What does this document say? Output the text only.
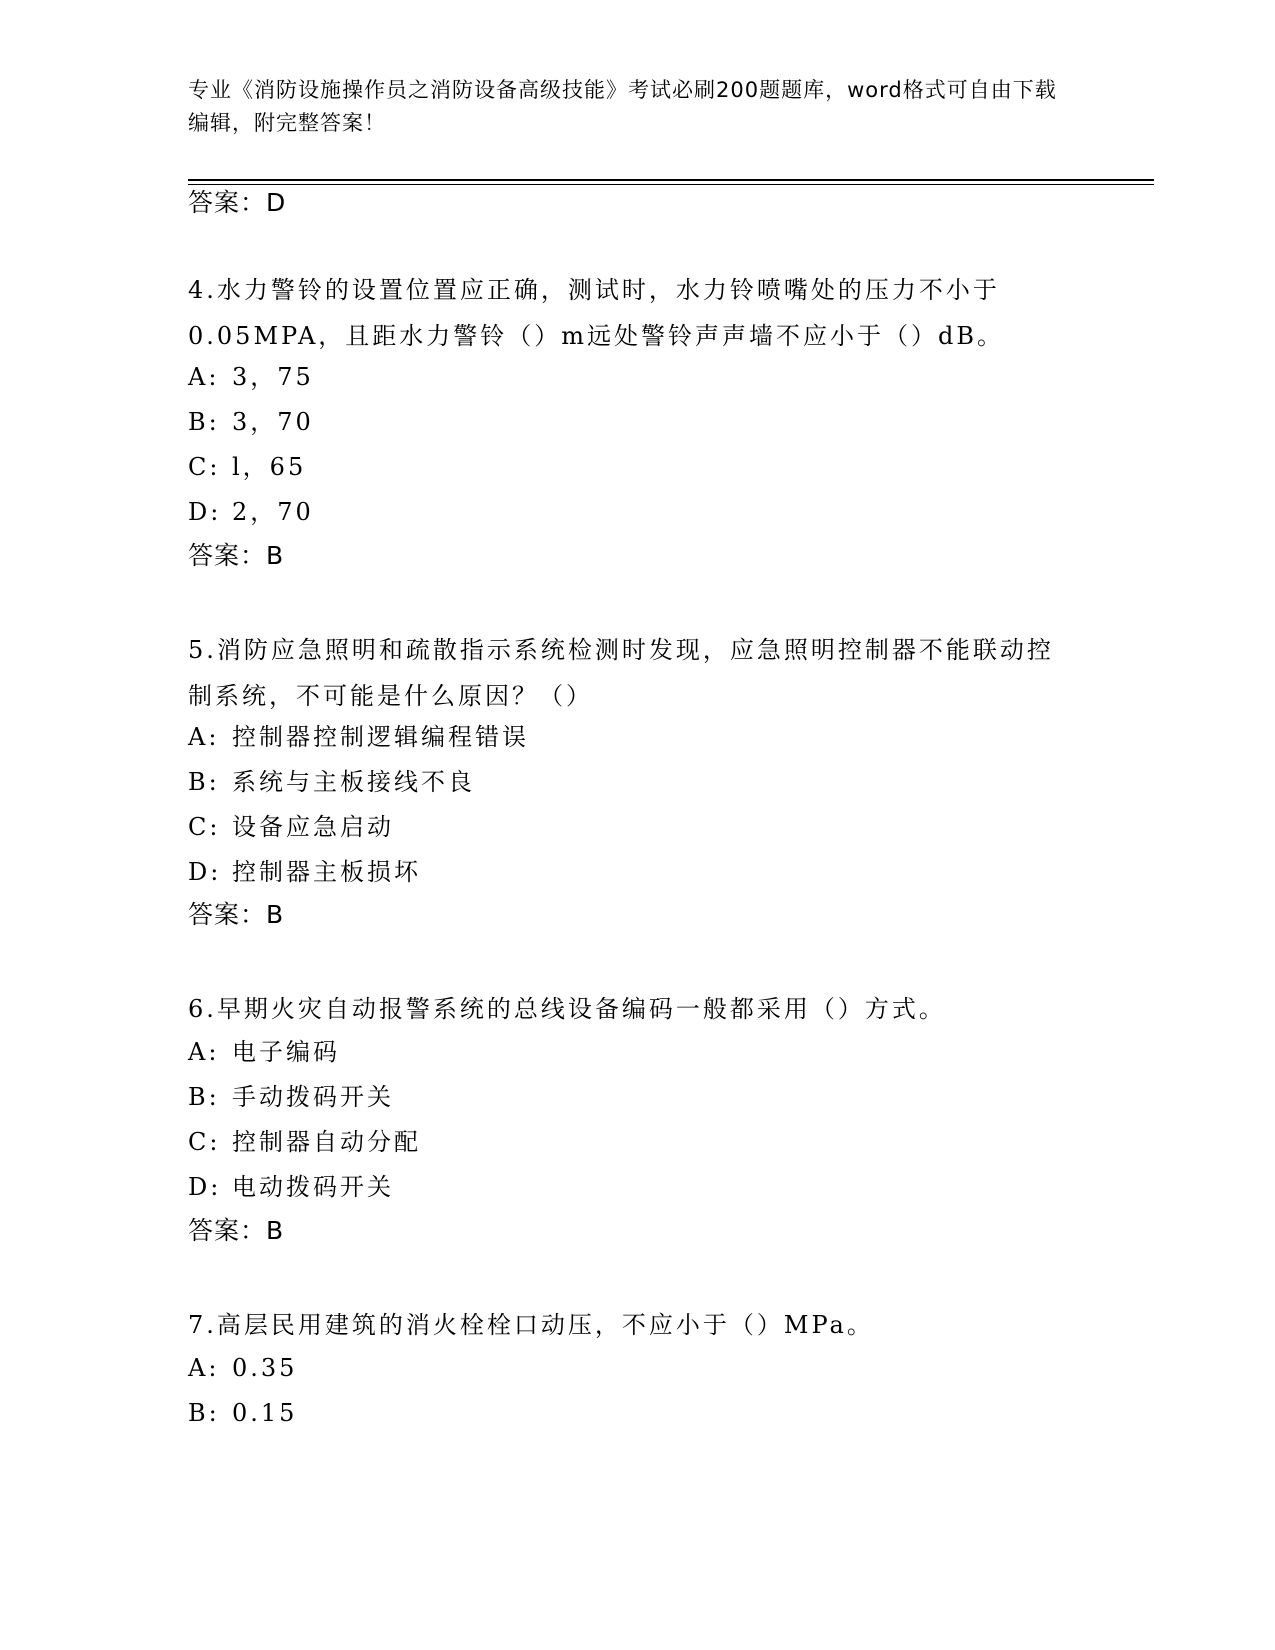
专业《消防设施操作员之消防设备高级技能》考试必刷200题题库，word格式可自由下载编辑，附完整答案！
答案：D
4.水力警铃的设置位置应正确，测试时，水力铃喷嘴处的压力不小于0.05MPA，且距水力警铃（）m远处警铃声声墙不应小于（）dB。
A: 3，75
B: 3，70
C: l，65
D: 2，70
答案：B
5.消防应急照明和疏散指示系统检测时发现，应急照明控制器不能联动控制系统，不可能是什么原因？（）
A: 控制器控制逻辑编程错误
B: 系统与主板接线不良
C: 设备应急启动
D: 控制器主板损坏
答案：B
6.早期火灾自动报警系统的总线设备编码一般都采用（）方式。
A: 电子编码
B: 手动拨码开关
C: 控制器自动分配
D: 电动拨码开关
答案：B
7.高层民用建筑的消火栓栓口动压，不应小于（）MPa。
A: 0.35
B: 0.15
